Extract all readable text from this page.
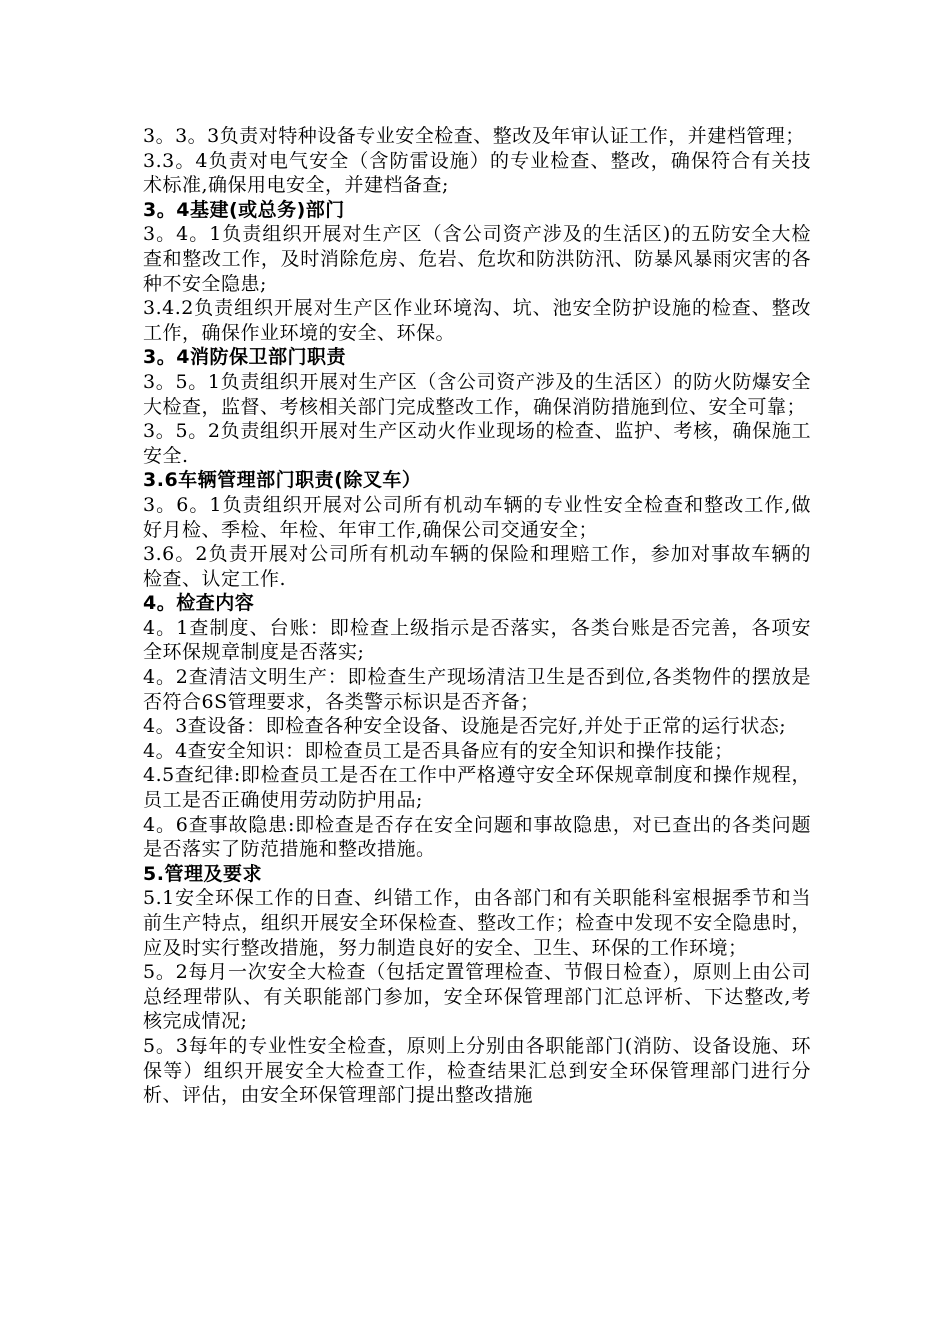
3。3。3负责对特种设备专业安全检查、整改及年审认证工作，并建档管理；

3.3。4负责对电气安全（含防雷设施）的专业检查、整改，确保符合有关技术标准,确保用电安全，并建档备查;

3。4基建(或总务)部门

3。4。1负责组织开展对生产区（含公司资产涉及的生活区)的五防安全大检查和整改工作，及时消除危房、危岩、危坎和防洪防汛、防暴风暴雨灾害的各种不安全隐患;

3.4.2负责组织开展对生产区作业环境沟、坑、池安全防护设施的检查、整改工作，确保作业环境的安全、环保。

3。4消防保卫部门职责

3。5。1负责组织开展对生产区（含公司资产涉及的生活区）的防火防爆安全大检查，监督、考核相关部门完成整改工作，确保消防措施到位、安全可靠；

3。5。2负责组织开展对生产区动火作业现场的检查、监护、考核，确保施工安全.

3.6车辆管理部门职责(除叉车）

3。6。1负责组织开展对公司所有机动车辆的专业性安全检查和整改工作,做好月检、季检、年检、年审工作,确保公司交通安全；

3.6。2负责开展对公司所有机动车辆的保险和理赔工作，参加对事故车辆的检查、认定工作.

4。检查内容

4。1查制度、台账：即检查上级指示是否落实，各类台账是否完善，各项安全环保规章制度是否落实;

4。2查清洁文明生产：即检查生产现场清洁卫生是否到位,各类物件的摆放是否符合6S管理要求，各类警示标识是否齐备；

4。3查设备：即检查各种安全设备、设施是否完好,并处于正常的运行状态;

4。4查安全知识：即检查员工是否具备应有的安全知识和操作技能；

4.5查纪律:即检查员工是否在工作中严格遵守安全环保规章制度和操作规程，员工是否正确使用劳动防护用品;

4。6查事故隐患:即检查是否存在安全问题和事故隐患，对已查出的各类问题是否落实了防范措施和整改措施。

5.管理及要求

5.1安全环保工作的日查、纠错工作，由各部门和有关职能科室根据季节和当前生产特点，组织开展安全环保检查、整改工作；检查中发现不安全隐患时，应及时实行整改措施，努力制造良好的安全、卫生、环保的工作环境；

5。2每月一次安全大检查（包括定置管理检查、节假日检查），原则上由公司总经理带队、有关职能部门参加，安全环保管理部门汇总评析、下达整改,考核完成情况;

5。3每年的专业性安全检查，原则上分别由各职能部门(消防、设备设施、环保等）组织开展安全大检查工作，检查结果汇总到安全环保管理部门进行分析、评估，由安全环保管理部门提出整改措施
